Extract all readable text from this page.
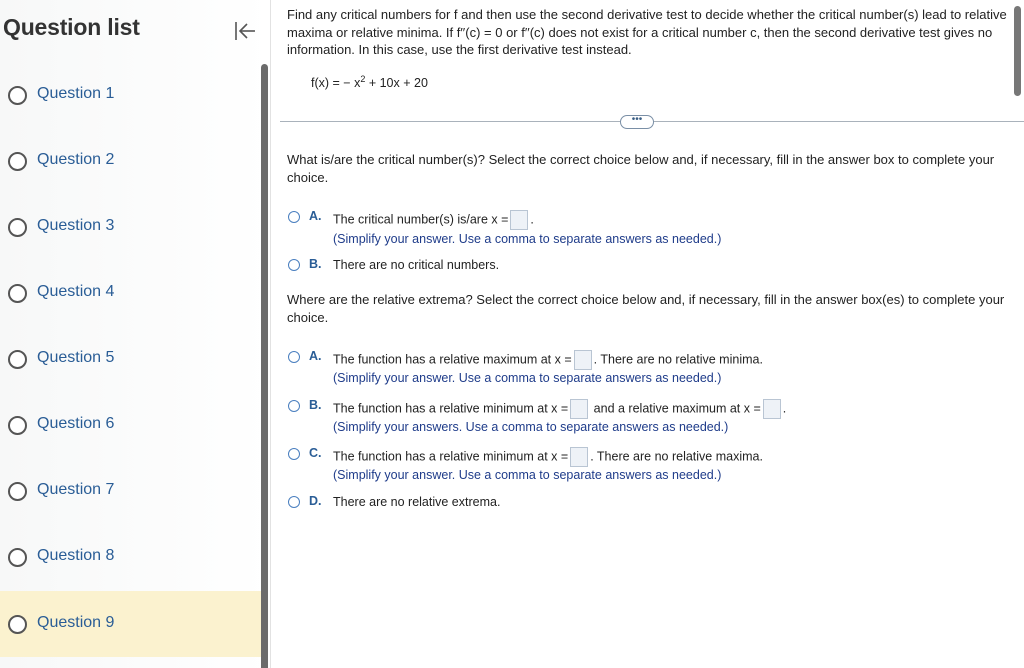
Question list
Question 1
Question 2
Question 3
Question 4
Question 5
Question 6
Question 7
Question 8
Question 9
Find any critical numbers for f and then use the second derivative test to decide whether the critical number(s) lead to relative maxima or relative minima. If f′′(c) = 0 or f′′(c) does not exist for a critical number c, then the second derivative test gives no information. In this case, use the first derivative test instead.
f(x) = − $x^2 + 10x + 20$
•••
What is/are the critical number(s)? Select the correct choice below and, if necessary, fill in the answer box to complete your choice.
A. The critical number(s) is/are x = .
(Simplify your answer. Use a comma to separate answers as needed.)
B. There are no critical numbers.
Where are the relative extrema? Select the correct choice below and, if necessary, fill in the answer box(es) to complete your choice.
A. The function has a relative maximum at x = . There are no relative minima.
(Simplify your answer. Use a comma to separate answers as needed.)
B. The function has a relative minimum at x = and a relative maximum at x = .
(Simplify your answers. Use a comma to separate answers as needed.)
C. The function has a relative minimum at x = . There are no relative maxima.
(Simplify your answer. Use a comma to separate answers as needed.)
D. There are no relative extrema.
